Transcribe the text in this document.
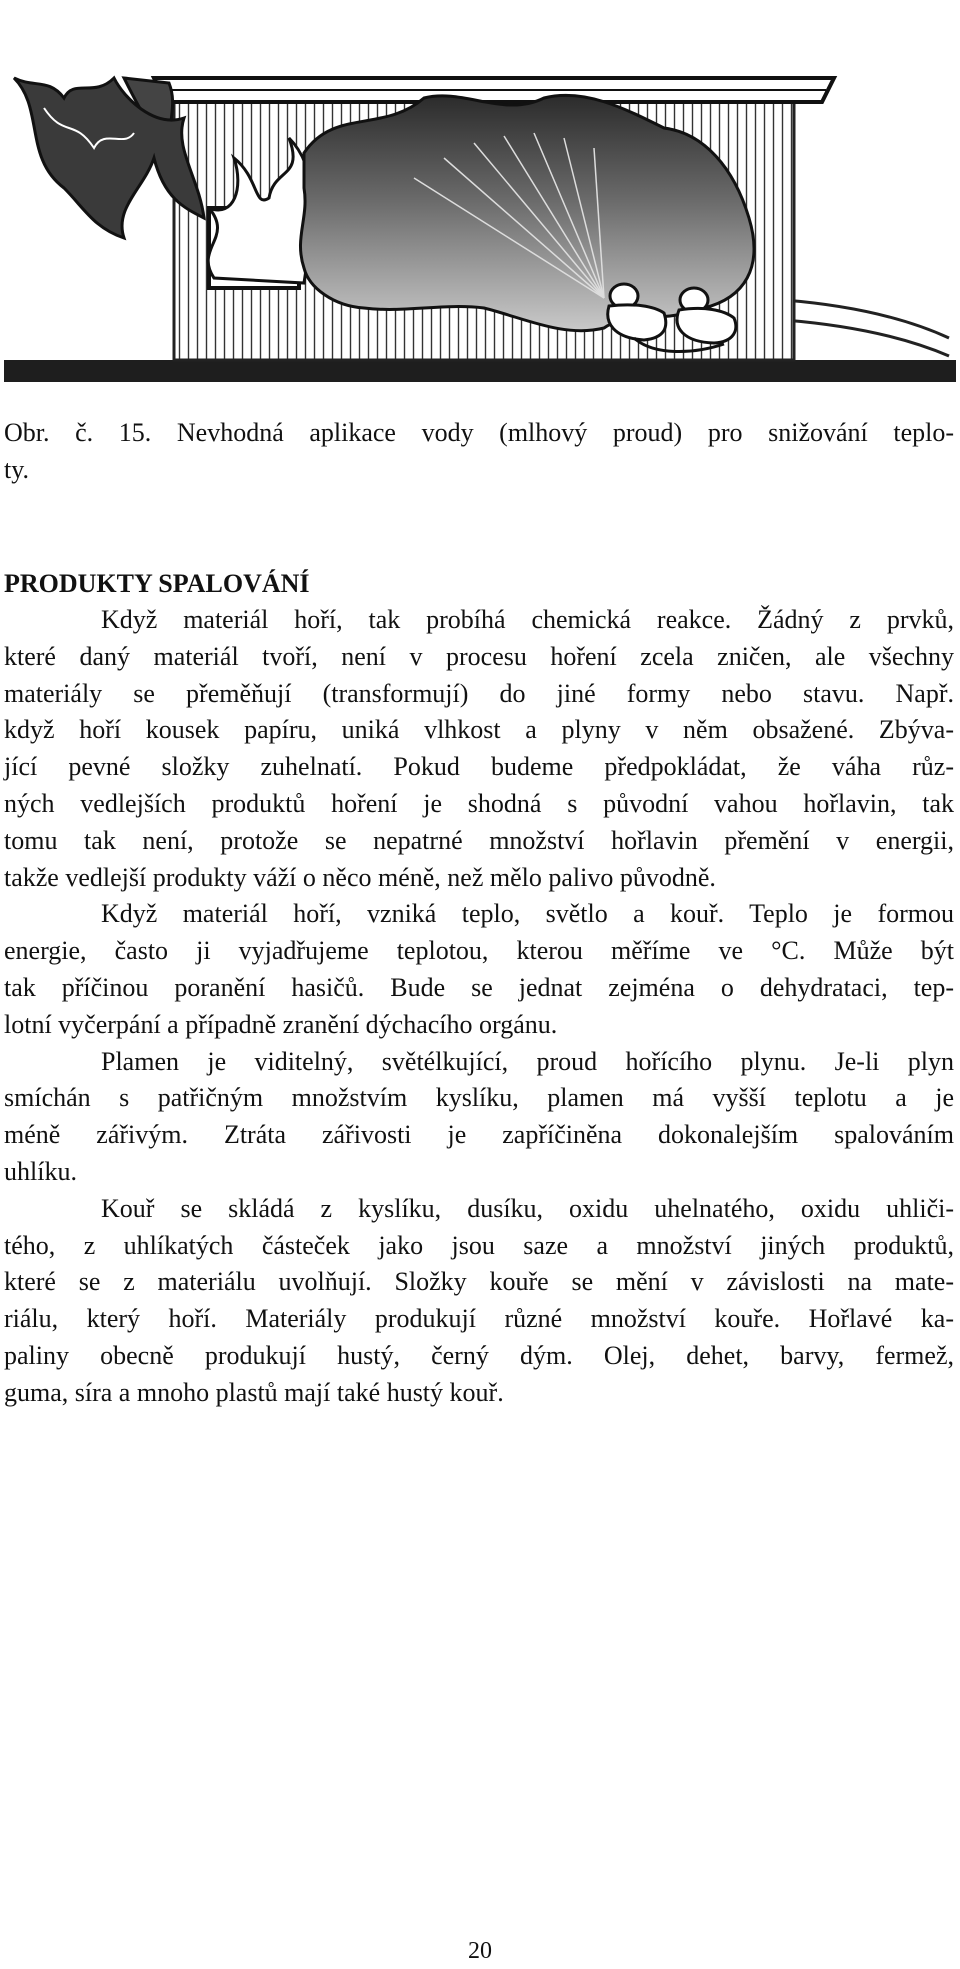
Obr. č. 15. Nevhodná aplikace vody (mlhový proud) pro snižování teplo-
ty.
PRODUKTY SPALOVÁNÍ

Když materiál hoří, tak probíhá chemická reakce. Žádný z prvků,
které daný materiál tvoří, není v procesu hoření zcela zničen, ale všechny
materiály se přeměňují (transformují) do jiné formy nebo stavu. Např.
když hoří kousek papíru, uniká vlhkost a plyny v něm obsažené. Zbýva-
jící pevné složky zuhelnatí. Pokud budeme předpokládat, že váha růz-
ných vedlejších produktů hoření je shodná s původní vahou hořlavin, tak
tomu tak není, protože se nepatrné množství hořlavin přemění v energii,
takže vedlejší produkty váží o něco méně, než mělo palivo původně.

Když materiál hoří, vzniká teplo, světlo a kouř. Teplo je formou
energie, často ji vyjadřujeme teplotou, kterou měříme ve °C. Může být
tak příčinou poranění hasičů. Bude se jednat zejména o dehydrataci, tep-
lotní vyčerpání a případně zranění dýchacího orgánu.

Plamen je viditelný, světélkující, proud hořícího plynu. Je-li plyn
smíchán s patřičným množstvím kyslíku, plamen má vyšší teplotu a je
méně zářivým. Ztráta zářivosti je zapříčiněna dokonalejším spalováním
uhlíku.

Kouř se skládá z kyslíku, dusíku, oxidu uhelnatého, oxidu uhliči-
tého, z uhlíkatých částeček jako jsou saze a množství jiných produktů,
které se z materiálu uvolňují. Složky kouře se mění v závislosti na mate-
riálu, který hoří. Materiály produkují různé množství kouře. Hořlavé ka-
paliny obecně produkují hustý, černý dým. Olej, dehet, barvy, fermež,
guma, síra a mnoho plastů mají také hustý kouř.

20
